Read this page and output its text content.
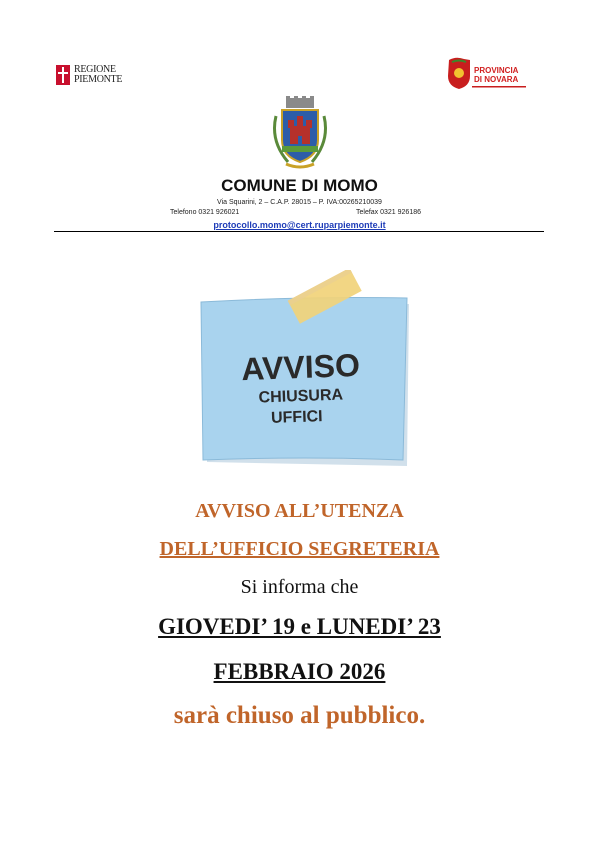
REGIONE
PIEMONTE
PROVINCIA
DI NOVARA
COMUNE DI MOMO
Via Squarini, 2 – C.A.P. 28015 – P. IVA:00265210039
Telefono 0321 926021	Telefax 0321 926186
protocollo.momo@cert.ruparpiemonte.it
AVVISO
CHIUSURA
UFFICI
AVVISO ALL’UTENZA
DELL’UFFICIO SEGRETERIA
Si informa che
GIOVEDI’ 19 e LUNEDI’ 23
FEBBRAIO 2026
sarà chiuso al pubblico.
